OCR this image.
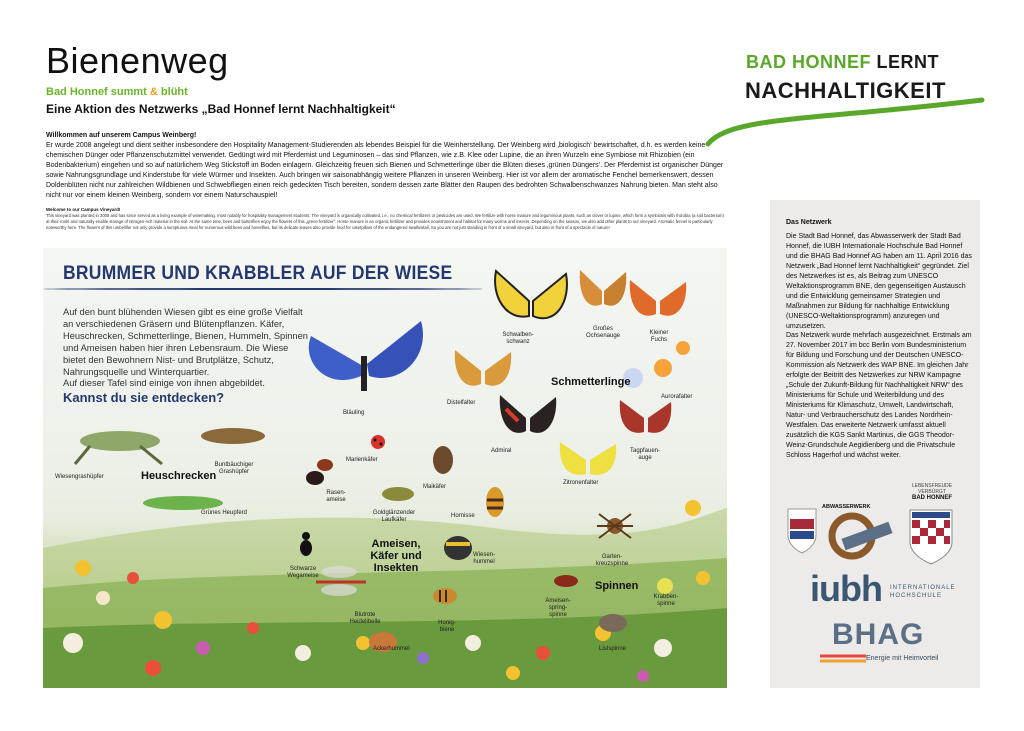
Bienenweg
Bad Honnef summt & blüht
Eine Aktion des Netzwerks „Bad Honnef lernt Nachhaltigkeit“
BAD HONNEF LERNT
NACHHALTIGKEIT
Willkommen auf unserem Campus Weinberg!
Er wurde 2008 angelegt und dient seither insbesondere den Hospitality Management-Studierenden als lebendes Beispiel für die Weinherstellung. Der Weinberg wird ‚biologisch‘ bewirtschaftet, d.h. es werden keine chemischen Dünger oder Pflanzenschutzmittel verwendet. Gedüngt wird mit Pferdemist und Leguminosen – das sind Pflanzen, wie z.B. Klee oder Lupine, die an ihren Wurzeln eine Symbiose mit Rhizobien (ein Bodenbakterium) eingehen und so auf natürlichem Weg Stickstoff im Boden einlagern. Gleichzeitig freuen sich Bienen und Schmetterlinge über die Blüten dieses ‚grünen Düngers‘. Der Pferdemist ist organischer Dünger sowie Nahrungsgrundlage und Kinderstube für viele Würmer und Insekten. Auch bringen wir saisonabhängig weitere Pflanzen in unseren Weinberg. Hier ist vor allem der aromatische Fenchel bemerkenswert, dessen Doldenblüten nicht nur zahlreichen Wildbienen und Schwebfliegen einen reich gedeckten Tisch bereiten, sondern dessen zarte Blätter den Raupen des bedrohten Schwalbenschwanzes Nahrung bieten. Man steht also nicht nur vor einem kleinen Weinberg, sondern vor einem Naturschauspiel!
Welcome to our Campus Vineyard!
This vineyard was planted in 2008 and has since served as a living example of winemaking, most notably for hospitality management students. The vineyard is organically cultivated, i.e., no chemical fertilizers or pesticides are used. We fertilize with horse manure and leguminous plants, such as clover or lupine, which form a symbiosis with rhizobia (a soil bacterium) at their roots and naturally enable storage of nitrogen-rich material in the soil. At the same time, bees and butterflies enjoy the flowers of this „green fertilizer“. Horse manure is an organic fertilizer and provides nourishment and habitat for many worms and insects. Depending on the season, we also add other plants to our vineyard. Aromatic fennel is particularly noteworthy here. The flowers of this umbellifer not only provide a sumptuous meal for numerous wild bees and hoverflies, but its delicate leaves also provide food for caterpillars of the endangered swallowtail. So you are not just standing in front of a small vineyard, but also in front of a spectacle of nature!
BRUMMER UND KRABBLER AUF DER WIESE
Auf den bunt blühenden Wiesen gibt es eine große Vielfalt an verschiedenen Gräsern und Blütenpflanzen. Käfer, Heuschrecken, Schmetterlinge, Bienen, Hummeln, Spinnen und Ameisen haben hier ihren Lebensraum. Die Wiese bietet den Bewohnern Nist- und Brutplätze, Schutz, Nahrungsquelle und Winterquartier.
Auf dieser Tafel sind einige von ihnen abgebildet.
Kannst du sie entdecken?
Wiesengrashüpfer
Buntbäuchiger Grashüpfer
Grünes Heupferd
Bläuling
Schwalben-schwanz
Großes Ochsenauge	Kleiner Fuchs
Distelfalter
Aurorafalter
Admiral	Tagpfauen-auge
Zitronenfalter
Marienkäfer
Rasen-ameise
Maikäfer
Hornisse
Goldglänzender Laufkäfer
Schwarze Wegameise
Wiesen-hummel
Garten-kreuzspinne
Ameisen-spring-spinne
Krabben-spinne
Blutrote Heidelibelle	Honig-biene
Ackerhummel	Listspinne
Heuschrecken
Schmetterlinge
Ameisen, Käfer und Insekten
Spinnen
Das Netzwerk
Die Stadt Bad Honnef, das Abwasserwerk der Stadt Bad Honnef, die IUBH Internationale Hochschule Bad Honnef und die BHAG Bad Honnef AG haben am 11. April 2016 das Netzwerk „Bad Honnef lernt Nachhaltigkeit“ gegründet. Ziel des Netzwerkes ist es, als Beitrag zum UNESCO Weltaktionsprogramm BNE, den gegenseitigen Austausch und die Entwicklung gemeinsamer Strategien und Maßnahmen zur Bildung für nachhaltige Entwicklung (UNESCO-Weltaktionsprogramm) anzuregen und umzusetzen.
Das Netzwerk wurde mehrfach ausgezeichnet. Erstmals am 27. November 2017 im bcc Berlin vom Bundesministerium für Bildung und Forschung und der Deutschen UNESCO-Kommission als Netzwerk des WAP BNE. Im gleichen Jahr erfolgte der Beitritt des Netzwerkes zur NRW Kampagne „Schule der Zukunft-Bildung für Nachhaltigkeit NRW“ des Ministeriums für Schule und Weiterbildung und des Ministeriums für Klimaschutz, Umwelt, Landwirtschaft, Natur- und Verbraucherschutz des Landes Nordrhein-Westfalen. Das erweiterte Netzwerk umfasst aktuell zusätzlich die KGS Sankt Martinus, die GGS Theodor-Weinz-Grundschule Aegidienberg und die Privatschule Schloss Hagerhof und wächst weiter.
ABWASSERWERK
LEBENSFREUDE
VERBÜRGT
BAD HONNEF
iubh INTERNATIONALE
HOCHSCHULE
BHAG
Energie mit Heimvorteil
